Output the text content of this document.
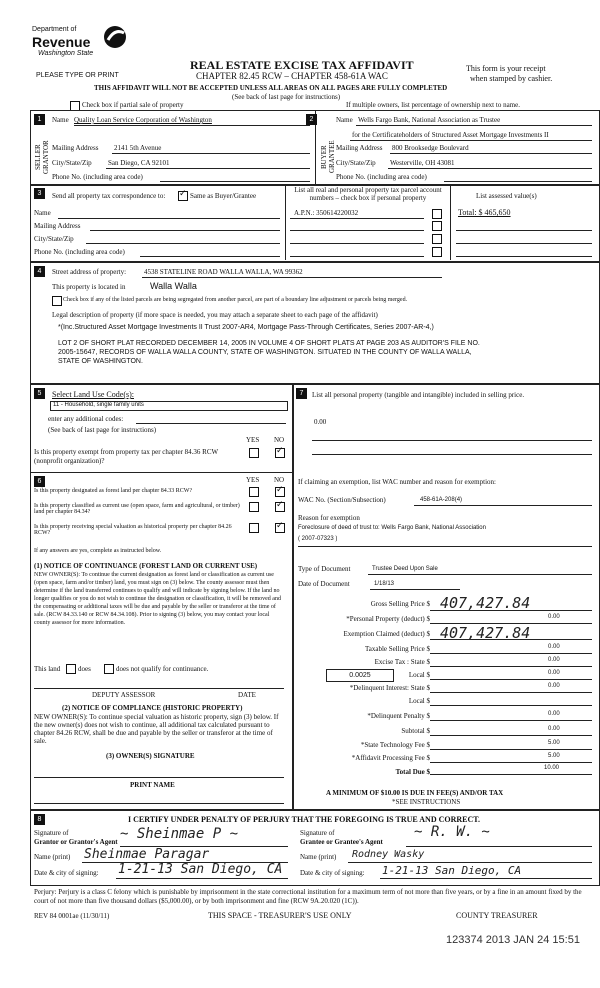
Department of
Revenue
Washington State
PLEASE TYPE OR PRINT
REAL ESTATE EXCISE TAX AFFIDAVIT
CHAPTER 82.45 RCW – CHAPTER 458-61A WAC
This form is your receipt
when stamped by cashier.
THIS AFFIDAVIT WILL NOT BE ACCEPTED UNLESS ALL AREAS ON ALL PAGES ARE FULLY COMPLETED
(See back of last page for instructions)
Check box if partial sale of property	If multiple owners, list percentage of ownership next to name.
1
SELLER GRANTOR
Name Quality Loan Service Corporation of Washington
Mailing Address 2141 5th Avenue
City/State/Zip San Diego, CA 92101
Phone No. (including area code)
2
BUYER GRANTEE
Name Wells Fargo Bank, National Association as Trustee
for the Certificateholders of Structured Asset Mortgage Investments II
Mailing Address 800 Brooksedge Boulevard
City/State/Zip Westerville, OH 43081
Phone No. (including area code)
3	Send all property tax correspondence to:
✓	Same as Buyer/Grantee
Name
Mailing Address
City/State/Zip
Phone No. (including area code)
List all real and personal property tax parcel account numbers – check box if personal property	List assessed value(s)
A.P.N.: 350614220032	Total: $ 465,650
4	Street address of property:	4538 STATELINE ROAD WALLA WALLA, WA 99362
This property is located in	Walla Walla
Check box if any of the listed parcels are being segregated from another parcel, are part of a boundary line adjustment or parcels being merged.
Legal description of property (if more space is needed, you may attach a separate sheet to each page of the affidavit)
*(Inc.Structured Asset Mortgage Investments II Trust 2007-AR4, Mortgage Pass-Through Certificates, Series 2007-AR-4,)
LOT 2 OF SHORT PLAT RECORDED DECEMBER 14, 2005 IN VOLUME 4 OF SHORT PLATS AT PAGE 203 AS AUDITOR'S FILE NO.
2005-15647, RECORDS OF WALLA WALLA COUNTY, STATE OF WASHINGTON. SITUATED IN THE COUNTY OF WALLA WALLA,
STATE OF WASHINGTON.
5	Select Land Use Code(s):
11 - Household, single family units
enter any additional codes:
(See back of last page for instructions)
YES NO
Is this property exempt from property tax per chapter 84.36 RCW (nonprofit organization)?
✓
6	YES NO
Is this property designated as forest land per chapter 84.33 RCW?
✓
Is this property classified as current use (open space, farm and agricultural, or timber) land per chapter 84.34?
✓
Is this property receiving special valuation as historical property per chapter 84.26 RCW?
✓
If any answers are yes, complete as instructed below.
(1) NOTICE OF CONTINUANCE (FOREST LAND OR CURRENT USE)
NEW OWNER(S): To continue the current designation as forest land or classification as current use (open space, farm and/or timber) land, you must sign on (3) below. The county assessor must then determine if the land transferred continues to qualify and will indicate by signing below. If the land no longer qualifies or you do not wish to continue the designation or classification, it will be removed and the compensating or additional taxes will be due and payable by the seller or transferor at the time of sale. (RCW 84.33.140 or RCW 84.34.108). Prior to signing (3) below, you may contact your local county assessor for more information.
This land	does	does not qualify for continuance.
DEPUTY ASSESSOR	DATE
(2) NOTICE OF COMPLIANCE (HISTORIC PROPERTY)
NEW OWNER(S): To continue special valuation as historic property, sign (3) below. If the new owner(s) does not wish to continue, all additional tax calculated pursuant to chapter 84.26 RCW, shall be due and payable by the seller or transferor at the time of sale.
(3) OWNER(S) SIGNATURE
PRINT NAME
7	List all personal property (tangible and intangible) included in selling price.
0.00
If claiming an exemption, list WAC number and reason for exemption:
WAC No. (Section/Subsection)	458-61A-208(4)
Reason for exemption
Foreclosure of deed of trust to: Wells Fargo Bank, National Association
( 2007-07323 )
Type of Document	Trustee Deed Upon Sale
Date of Document	1/18/13
Gross Selling Price $ 407,427.84
*Personal Property (deduct) $	0.00
Exemption Claimed (deduct) $ 407,427.84
Taxable Selling Price $	0.00
Excise Tax : State $	0.00
0.0025	Local $	0.00
*Delinquent Interest: State $	0.00
Local $
*Delinquent Penalty $	0.00
Subtotal $	0.00
*State Technology Fee $	5.00
*Affidavit Processing Fee $	5.00
Total Due $	10.00
A MINIMUM OF $10.00 IS DUE IN FEE(S) AND/OR TAX
*SEE INSTRUCTIONS
8	I CERTIFY UNDER PENALTY OF PERJURY THAT THE FOREGOING IS TRUE AND CORRECT.
Signature of
Grantor or Grantor's Agent ~ Sheinmae P ~
Name (print) Sheinmae Paragar
Date & city of signing: 1-21-13 San Diego, CA
Signature of
Grantee or Grantee's Agent
~ R. W. ~
Name (print) Rodney Wasky
Date & city of signing: 1-21-13 San Diego, CA
Perjury: Perjury is a class C felony which is punishable by imprisonment in the state correctional institution for a maximum term of not more than five years, or by a fine in an amount fixed by the court of not more than five thousand dollars ($5,000.00), or by both imprisonment and fine (RCW 9A.20.020 (1C)).
REV 84 0001ae (11/30/11)	THIS SPACE - TREASURER'S USE ONLY	COUNTY TREASURER
123374 2013 JAN 24 15:51
